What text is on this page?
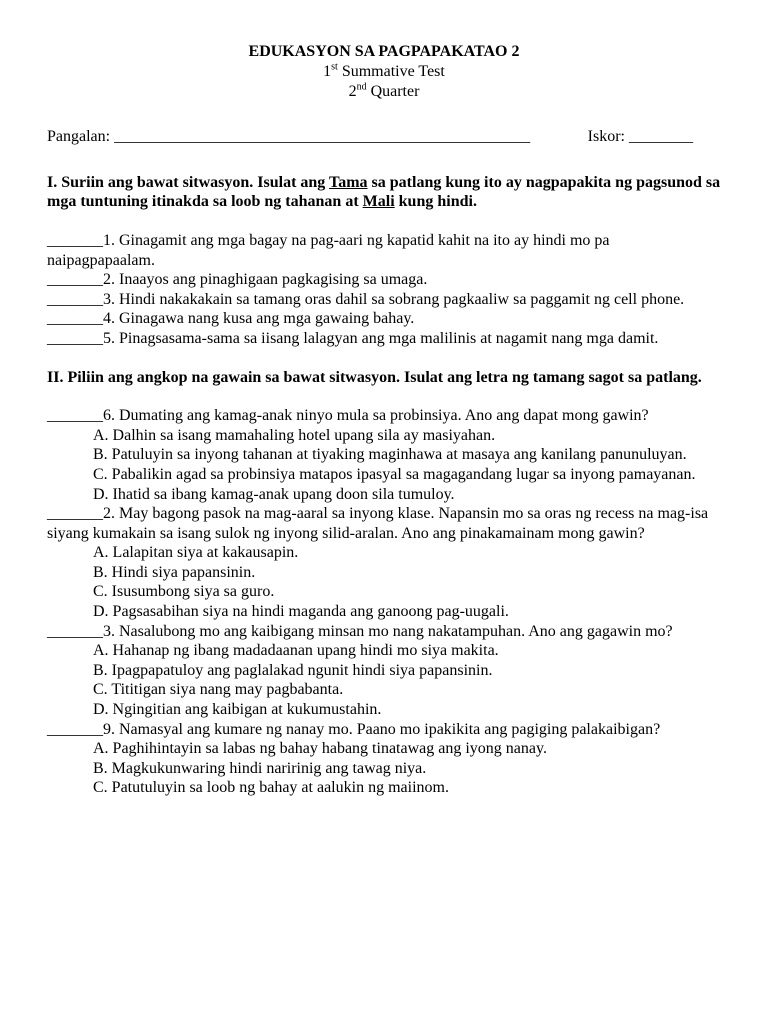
EDUKASYON SA PAGPAPAKATAO 2
1st Summative Test
2nd Quarter
Pangalan: ____________________________________________________	Iskor: ________
I. Suriin ang bawat sitwasyon. Isulat ang Tama sa patlang kung ito ay nagpapakita ng pagsunod sa mga tuntuning itinakda sa loob ng tahanan at Mali kung hindi.

_______1. Ginagamit ang mga bagay na pag-aari ng kapatid kahit na ito ay hindi mo pa naipagpapaalam.

_______2. Inaayos ang pinaghigaan pagkagising sa umaga.

_______3. Hindi nakakakain sa tamang oras dahil sa sobrang pagkaaliw sa paggamit ng cell phone.

_______4. Ginagawa nang kusa ang mga gawaing bahay.

_______5. Pinagsasama-sama sa iisang lalagyan ang mga malilinis at nagamit nang mga damit.

II. Piliin ang angkop na gawain sa bawat sitwasyon. Isulat ang letra ng tamang sagot sa patlang.

_______6. Dumating ang kamag-anak ninyo mula sa probinsiya. Ano ang dapat mong gawin?

A. Dalhin sa isang mamahaling hotel upang sila ay masiyahan.
B. Patuluyin sa inyong tahanan at tiyaking maginhawa at masaya ang kanilang panunuluyan.
C. Pabalikin agad sa probinsiya matapos ipasyal sa magagandang lugar sa inyong pamayanan.
D. Ihatid sa ibang kamag-anak upang doon sila tumuloy.

_______2. May bagong pasok na mag-aaral sa inyong klase. Napansin mo sa oras ng recess na mag-isa siyang kumakain sa isang sulok ng inyong silid-aralan. Ano ang pinakamainam mong gawin?

A. Lalapitan siya at kakausapin.
B. Hindi siya papansinin.
C. Isusumbong siya sa guro.
D. Pagsasabihan siya na hindi maganda ang ganoong pag-uugali.

_______3. Nasalubong mo ang kaibigang minsan mo nang nakatampuhan. Ano ang gagawin mo?

A. Hahanap ng ibang madadaanan upang hindi mo siya makita.
B. Ipagpapatuloy ang paglalakad ngunit hindi siya papansinin.
C. Tititigan siya nang may pagbabanta.
D. Ngingitian ang kaibigan at kukumustahin.

_______9. Namasyal ang kumare ng nanay mo. Paano mo ipakikita ang pagiging palakaibigan?

A. Paghihintayin sa labas ng bahay habang tinatawag ang iyong nanay.
B. Magkukunwaring hindi naririnig ang tawag niya.
C. Patutuluyin sa loob ng bahay at aalukin ng maiinom.
